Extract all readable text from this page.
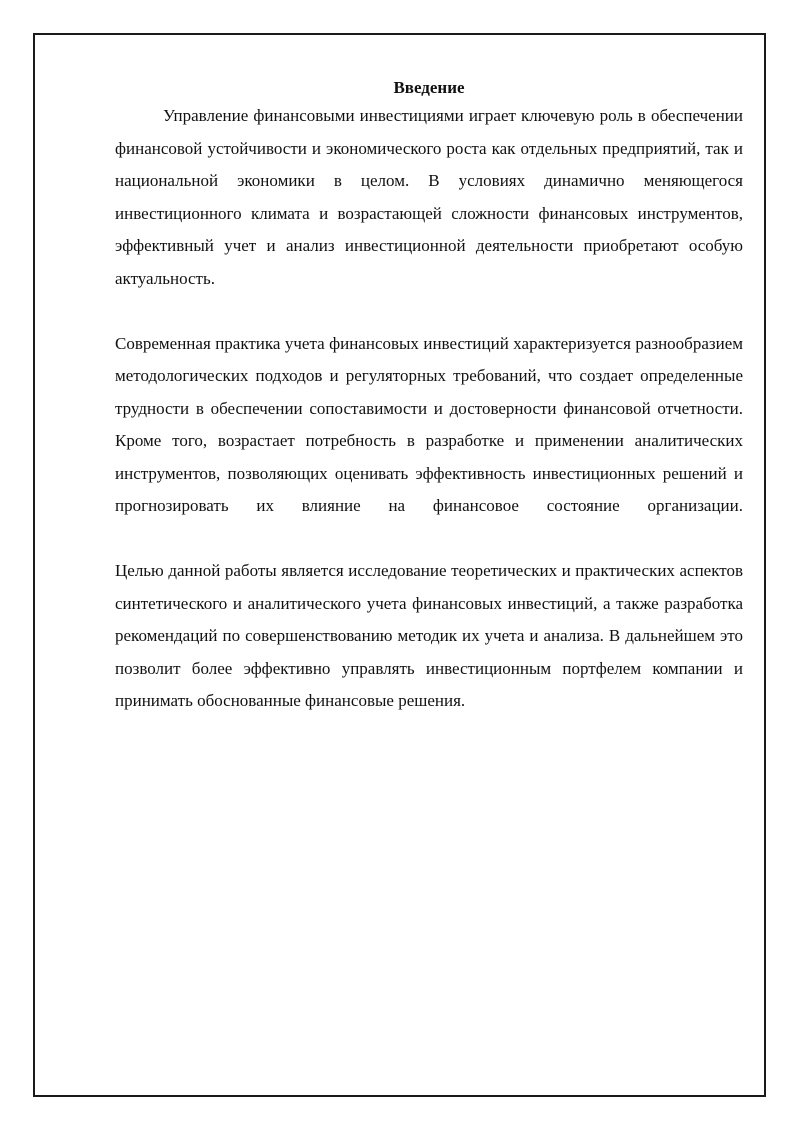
Введение

Управление финансовыми инвестициями играет ключевую роль в обеспечении финансовой устойчивости и экономического роста как отдельных предприятий, так и национальной экономики в целом. В условиях динамично меняющегося инвестиционного климата и возрастающей сложности финансовых инструментов, эффективный учет и анализ инвестиционной деятельности приобретают особую актуальность.

Современная практика учета финансовых инвестиций характеризуется разнообразием методологических подходов и регуляторных требований, что создает определенные трудности в обеспечении сопоставимости и достоверности финансовой отчетности. Кроме того, возрастает потребность в разработке и применении аналитических инструментов, позволяющих оценивать эффективность инвестиционных решений и прогнозировать их влияние на финансовое состояние организации.

Целью данной работы является исследование теоретических и практических аспектов синтетического и аналитического учета финансовых инвестиций, а также разработка рекомендаций по совершенствованию методик их учета и анализа. В дальнейшем это позволит более эффективно управлять инвестиционным портфелем компании и принимать обоснованные финансовые решения.
